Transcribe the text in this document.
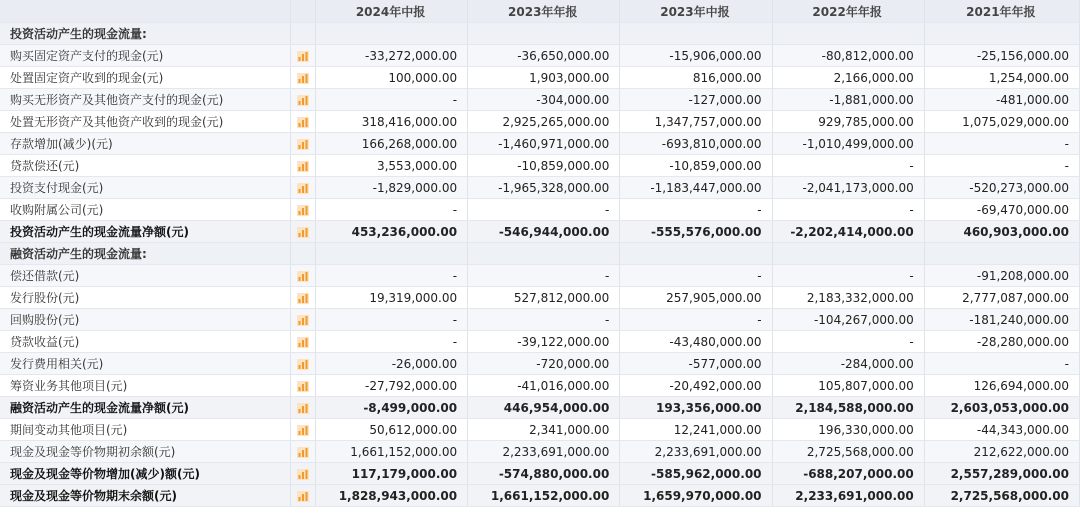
		2024年中报	2023年年报	2023年中报	2022年年报	2021年年报
投资活动产生的现金流量:						
购买固定资产支付的现金(元)		-33,272,000.00	-36,650,000.00	-15,906,000.00	-80,812,000.00	-25,156,000.00
处置固定资产收到的现金(元)		100,000.00	1,903,000.00	816,000.00	2,166,000.00	1,254,000.00
购买无形资产及其他资产支付的现金(元)		-	-304,000.00	-127,000.00	-1,881,000.00	-481,000.00
处置无形资产及其他资产收到的现金(元)		318,416,000.00	2,925,265,000.00	1,347,757,000.00	929,785,000.00	1,075,029,000.00
存款增加(减少)(元)		166,268,000.00	-1,460,971,000.00	-693,810,000.00	-1,010,499,000.00	-
贷款偿还(元)		3,553,000.00	-10,859,000.00	-10,859,000.00	-	-
投资支付现金(元)		-1,829,000.00	-1,965,328,000.00	-1,183,447,000.00	-2,041,173,000.00	-520,273,000.00
收购附属公司(元)		-	-	-	-	-69,470,000.00
投资活动产生的现金流量净额(元)		453,236,000.00	-546,944,000.00	-555,576,000.00	-2,202,414,000.00	460,903,000.00
融资活动产生的现金流量:						
偿还借款(元)		-	-	-	-	-91,208,000.00
发行股份(元)		19,319,000.00	527,812,000.00	257,905,000.00	2,183,332,000.00	2,777,087,000.00
回购股份(元)		-	-	-	-104,267,000.00	-181,240,000.00
贷款收益(元)		-	-39,122,000.00	-43,480,000.00	-	-28,280,000.00
发行费用相关(元)		-26,000.00	-720,000.00	-577,000.00	-284,000.00	-
筹资业务其他项目(元)		-27,792,000.00	-41,016,000.00	-20,492,000.00	105,807,000.00	126,694,000.00
融资活动产生的现金流量净额(元)		-8,499,000.00	446,954,000.00	193,356,000.00	2,184,588,000.00	2,603,053,000.00
期间变动其他项目(元)		50,612,000.00	2,341,000.00	12,241,000.00	196,330,000.00	-44,343,000.00
现金及现金等价物期初余额(元)		1,661,152,000.00	2,233,691,000.00	2,233,691,000.00	2,725,568,000.00	212,622,000.00
现金及现金等价物增加(减少)额(元)		117,179,000.00	-574,880,000.00	-585,962,000.00	-688,207,000.00	2,557,289,000.00
现金及现金等价物期末余额(元)		1,828,943,000.00	1,661,152,000.00	1,659,970,000.00	2,233,691,000.00	2,725,568,000.00
